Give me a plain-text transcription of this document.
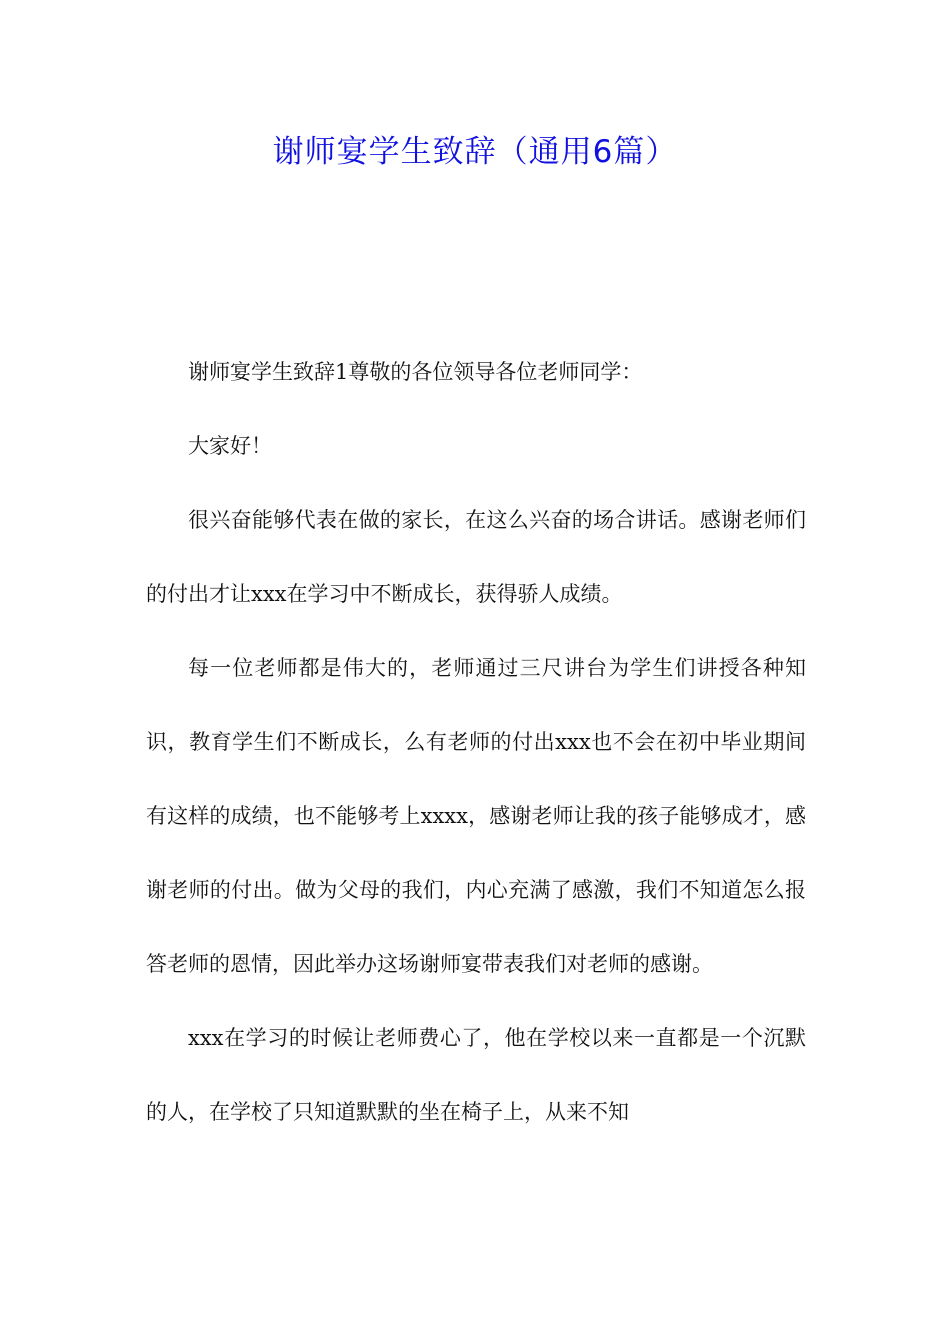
谢师宴学生致辞（通用6篇）

谢师宴学生致辞1尊敬的各位领导各位老师同学：

大家好！

很兴奋能够代表在做的家长，在这么兴奋的场合讲话。感谢老师们的付出才让xxx在学习中不断成长，获得骄人成绩。

每一位老师都是伟大的，老师通过三尺讲台为学生们讲授各种知识，教育学生们不断成长，么有老师的付出xxx也不会在初中毕业期间有这样的成绩，也不能够考上xxxx，感谢老师让我的孩子能够成才，感谢老师的付出。做为父母的我们，内心充满了感激，我们不知道怎么报答老师的恩情，因此举办这场谢师宴带表我们对老师的感谢。

xxx在学习的时候让老师费心了，他在学校以来一直都是一个沉默的人，在学校了只知道默默的坐在椅子上，从来不知
